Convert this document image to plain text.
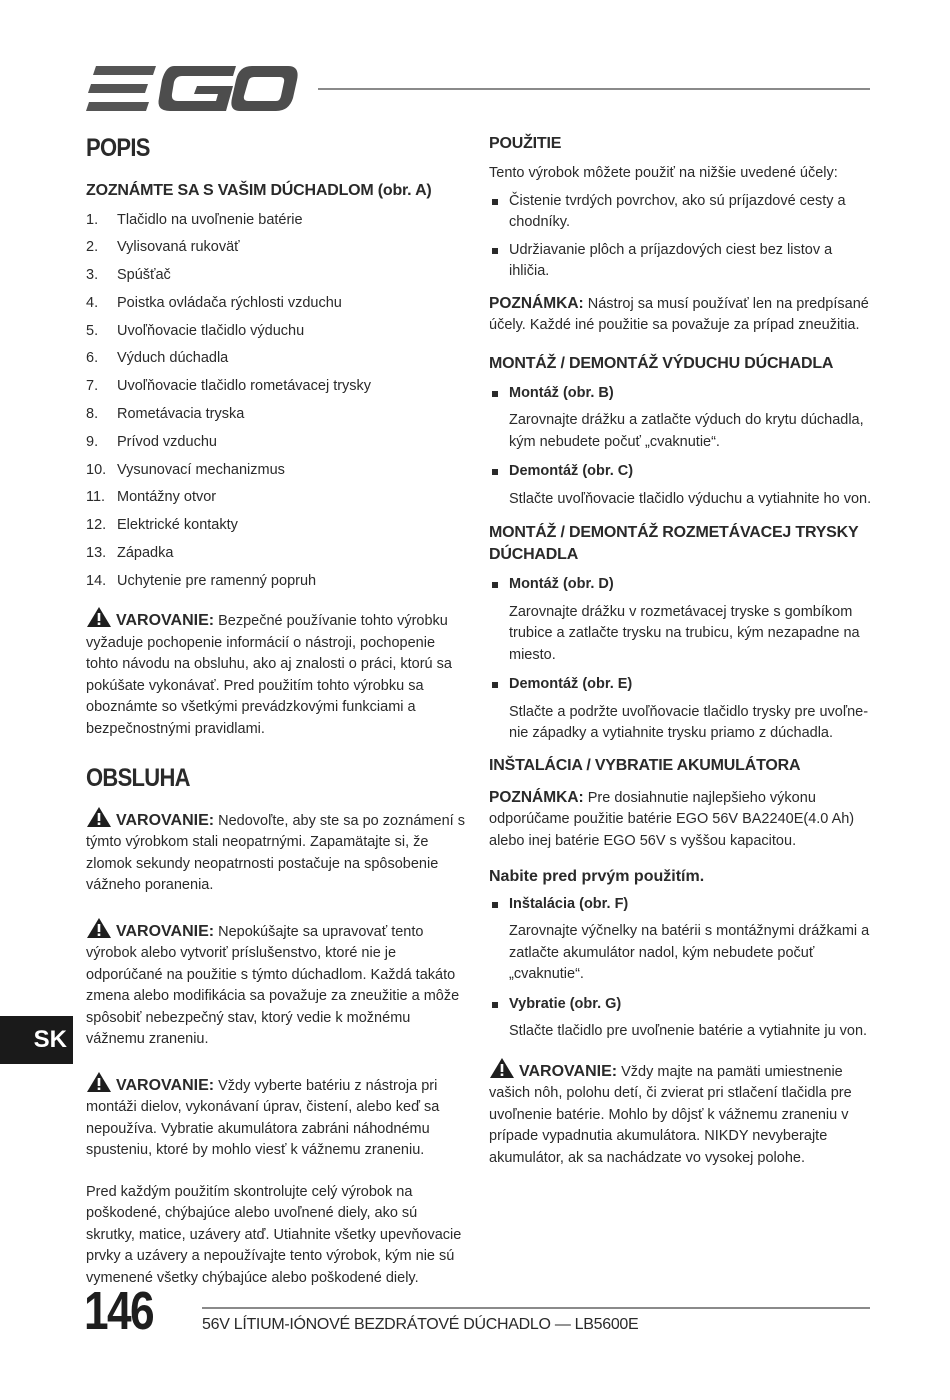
POPIS
ZOZNÁMTE SA S VAŠIM DÚCHADLOM (obr. A)
1.	Tlačidlo na uvoľnenie batérie
2.	Vylisovaná rukoväť
3.	Spúšťač
4.	Poistka ovládača rýchlosti vzduchu
5.	Uvoľňovacie tlačidlo výduchu
6.	Výduch dúchadla
7.	Uvoľňovacie tlačidlo rometávacej trysky
8.	Rometávacia tryska
9.	Prívod vzduchu
10. Vysunovací mechanizmus
11. Montážny otvor
12. Elektrické kontakty
13. Západka
14. Uchytenie pre ramenný popruh
VAROVANIE: Bezpečné používanie tohto výrobku vyžaduje pochopenie informácií o nástroji, pochopenie tohto návodu na obsluhu, ako aj znalosti o práci, ktorú sa pokúšate vykonávať. Pred použitím tohto výrobku sa oboznámte so všetkými prevádzkovými funkciami a bezpečnostnými pravidlami.
OBSLUHA
VAROVANIE: Nedovoľte, aby ste sa po zoznámení s týmto výrobkom stali neopatrnými. Zapamätajte si, že zlomok sekundy neopatrnosti postačuje na spôsobenie vážneho poranenia.
VAROVANIE: Nepokúšajte sa upravovať tento výrobok alebo vytvoriť príslušenstvo, ktoré nie je odporúčané na použitie s týmto dúchadlom. Každá takáto zmena alebo modifikácia sa považuje za zneužitie a môže spôsobiť nebezpečný stav, ktorý vedie k možnému vážnemu zraneniu.
VAROVANIE: Vždy vyberte batériu z nástroja pri montáži dielov, vykonávaní úprav, čistení, alebo keď sa nepoužíva. Vybratie akumulátora zabráni náhodnému spusteniu, ktoré by mohlo viesť k vážnemu zraneniu.

Pred každým použitím skontrolujte celý výrobok na poškodené, chýbajúce alebo uvoľnené diely, ako sú skrutky, matice, uzávery atď. Utiahnite všetky upevňovacie prvky a uzávery a nepoužívajte tento výrobok, kým nie sú vymenené všetky chýbajúce alebo poškodené diely.

POUŽITIE

Tento výrobok môžete použiť na nižšie uvedené účely:

Čistenie tvrdých povrchov, ako sú príjazdové cesty a chodníky.
Udržiavanie plôch a príjazdových ciest bez listov a ihličia.

POZNÁMKA: Nástroj sa musí používať len na predpísané účely. Každé iné použitie sa považuje za prípad zneužitia.

MONTÁŽ / DEMONTÁŽ VÝDUCHU DÚCHADLA
Montáž (obr. B)

Zarovnajte drážku a zatlačte výduch do krytu dúchadla, kým nebudete počuť „cvaknutie“.

Demontáž (obr. C)

Stlačte uvoľňovacie tlačidlo výduchu a vytiahnite ho von.

MONTÁŽ / DEMONTÁŽ ROZMETÁVACEJ TRYSKY DÚCHADLA
Montáž (obr. D)

Zarovnajte drážku v rozmetávacej tryske s gombíkom trubice a zatlačte trysku na trubicu, kým nezapadne na miesto.

Demontáž (obr. E)

Stlačte a podržte uvoľňovacie tlačidlo trysky pre uvoľne-nie západky a vytiahnite trysku priamo z dúchadla.

INŠTALÁCIA / VYBRATIE AKUMULÁTORA

POZNÁMKA: Pre dosiahnutie najlepšieho výkonu odporúčame použitie batérie EGO 56V BA2240E(4.0 Ah) alebo inej batérie EGO 56V s vyššou kapacitou.

Nabite pred prvým použitím.

Inštalácia (obr. F)

Zarovnajte výčnelky na batérii s montážnymi drážkami a zatlačte akumulátor nadol, kým nebudete počuť „cvaknutie“.

Vybratie (obr. G)

Stlačte tlačidlo pre uvoľnenie batérie a vytiahnite ju von.

VAROVANIE: Vždy majte na pamäti umiestnenie vašich nôh, polohu detí, či zvierat pri stlačení tlačidla pre uvoľnenie batérie. Mohlo by dôjsť k vážnemu zraneniu v prípade vypadnutia akumulátora. NIKDY nevyberajte akumulátor, ak sa nachádzate vo vysokej polohe.
SK
146	56V LÍTIUM-IÓNOVÉ BEZDRÁTOVÉ DÚCHADLO — LB5600E
